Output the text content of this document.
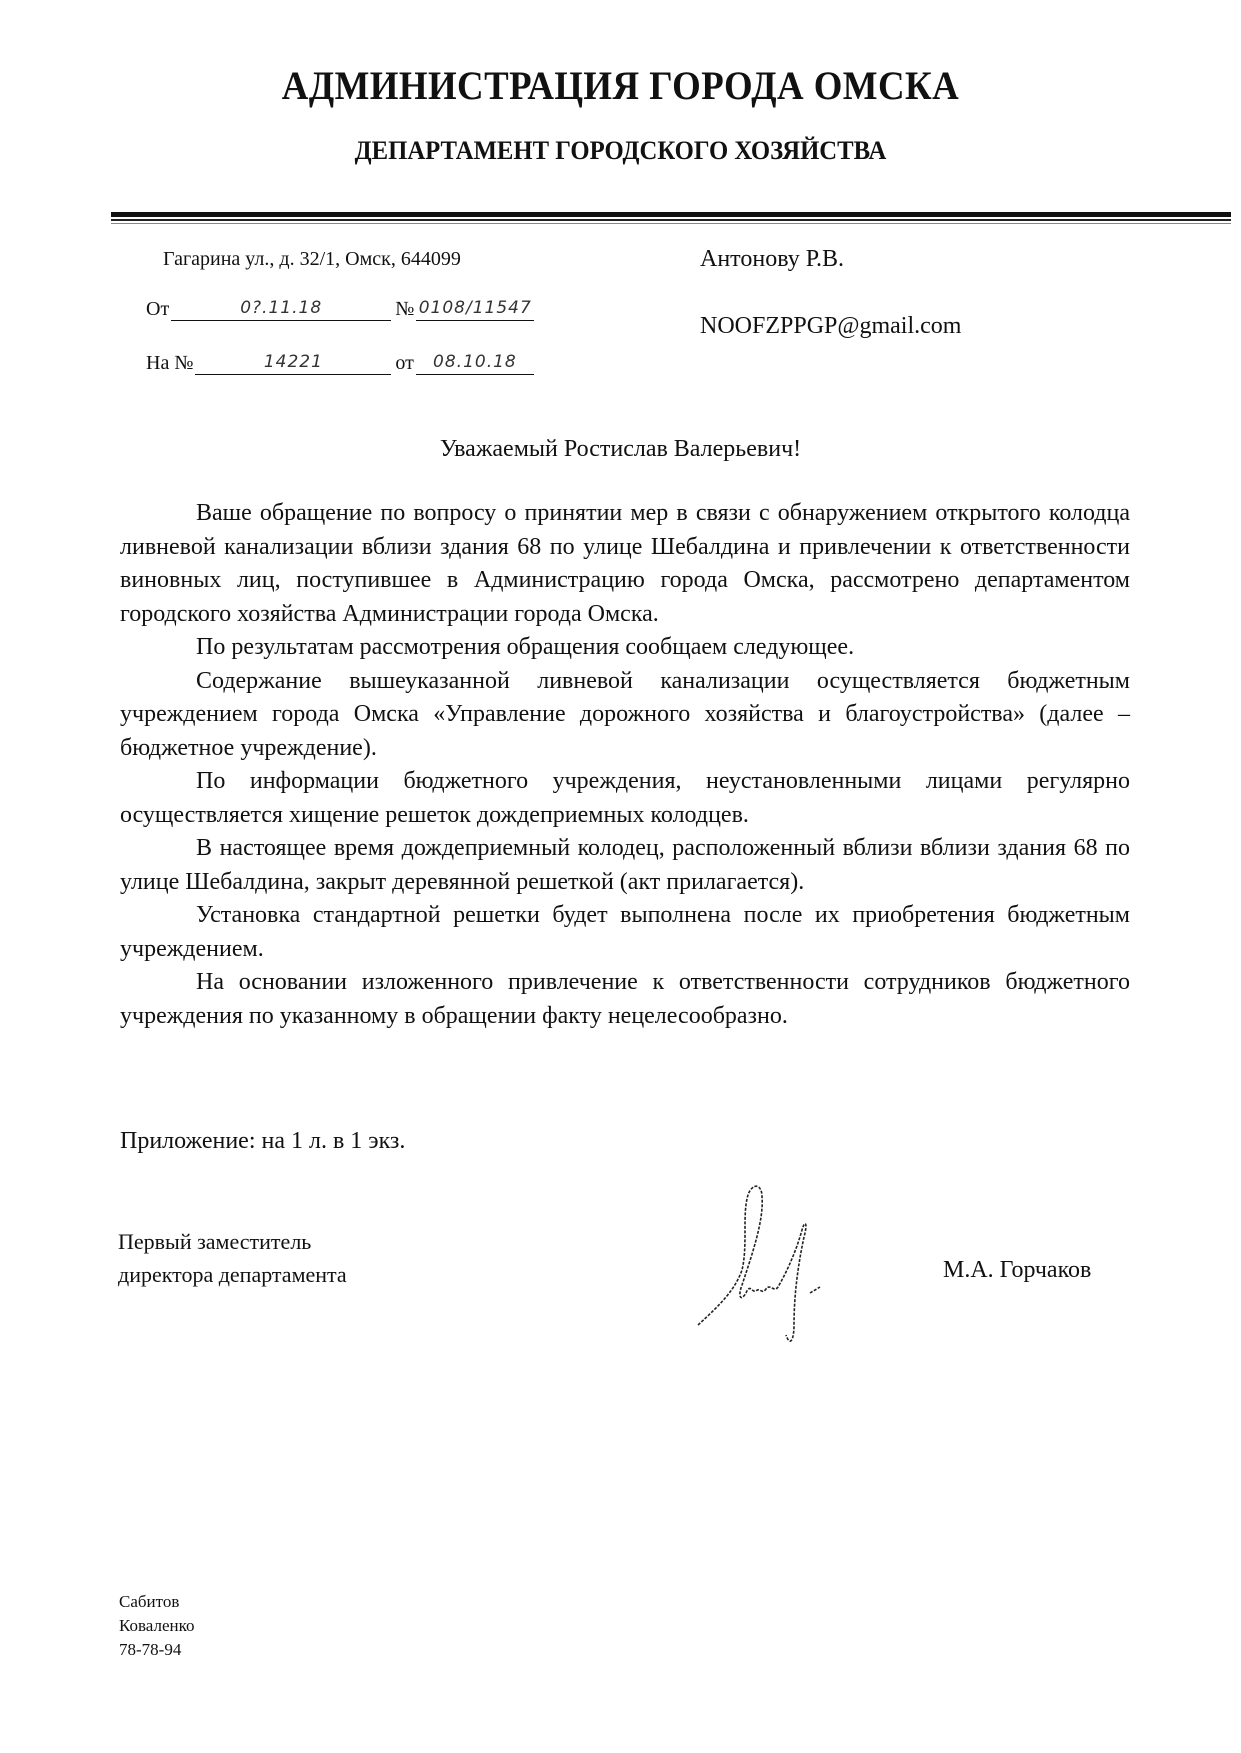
АДМИНИСТРАЦИЯ ГОРОДА ОМСКА
ДЕПАРТАМЕНТ ГОРОДСКОГО ХОЗЯЙСТВА
Гагарина ул., д. 32/1, Омск, 644099
От	0?.11.18	№ 0108/11547
На №	14221	от	08.10.18
Антонову Р.В.
NOOFZPPGP@gmail.com
Уважаемый Ростислав Валерьевич!

Ваше обращение по вопросу о принятии мер в связи с обнаружением открытого колодца ливневой канализации вблизи здания 68 по улице Шебалдина и привлечении к ответственности виновных лиц, поступившее в Администрацию города Омска, рассмотрено департаментом городского хозяйства Администрации города Омска.

По результатам рассмотрения обращения сообщаем следующее.

Содержание вышеуказанной ливневой канализации осуществляется бюджетным учреждением города Омска «Управление дорожного хозяйства и благоустройства» (далее – бюджетное учреждение).

По информации бюджетного учреждения, неустановленными лицами регулярно осуществляется хищение решеток дождеприемных колодцев.

В настоящее время дождеприемный колодец, расположенный вблизи вблизи здания 68 по улице Шебалдина, закрыт деревянной решеткой (акт прилагается).

Установка стандартной решетки будет выполнена после их приобретения бюджетным учреждением.

На основании изложенного привлечение к ответственности сотрудников бюджетного учреждения по указанному в обращении факту нецелесообразно.

Приложение: на 1 л. в 1 экз.
Первый заместитель
директора департамента	М.А. Горчаков
Сабитов
Коваленко
78-78-94
